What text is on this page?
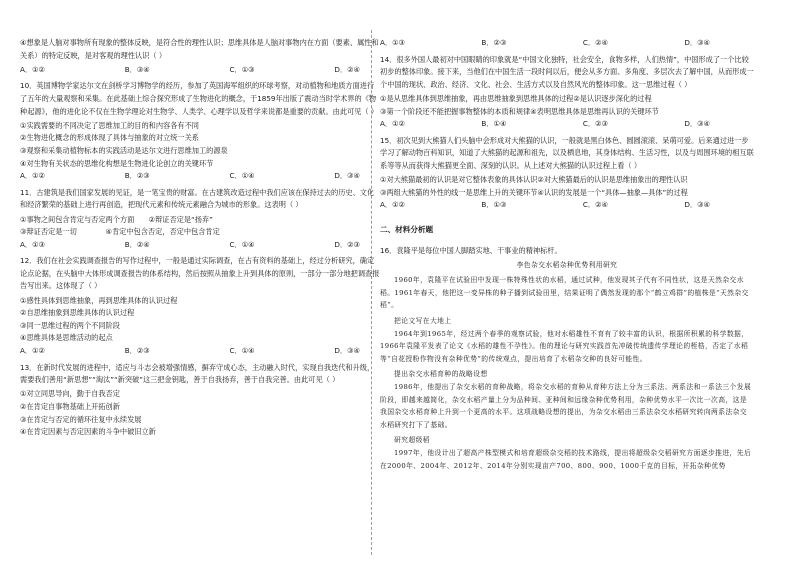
④想象是人脑对事物所有现象的整体反映，是符合性的理性认识；思维具体是人脑对事物内在方面（要素、属性和关系）的特定反映，是对客观的理性认识（ ）

A．①②	B．③④	C．①③	D．②④

10．英国博物学家达尔文在剑桥学习博物学的经历，参加了英国海军组织的环球考察，对动植物和地质方面进行了五年的大量观察和采集。在此基础上综合探究形成了生物进化的概念，于1859年出版了震动当时学术界的《物种起源》，他的进化论不仅在生物学理论对生物学、人类学、心理学以及哲学来说都是重要的贡献。由此可见（ ）

①实践需要的不同决定了思维加工的目的和内容各有不同

②生物进化概念的形成体现了具体与抽象的对立统一关系

③观察和采集动植物标本的实践活动是达尔文进行思维加工的源泉

④对生物有关状态的思维化构想是生物进化论创立的关键环节

A．①②	B．②③	C．①④	D．③④

11．古建筑是我们国家发展的见证，是一笔宝贵的财富。在古建筑改造过程中我们应该在保持过去的历史、文化和经济繁荣的基础上进行再创造，把现代元素和传统元素融合为城市的形象。这表明（ ）

①事物之间包含肯定与否定两个方面   ②辩证否定是“扬弃”

③辩证否定是一切    	④肯定中包含否定，否定中包含肯定

A．①③	B．②④	C．①④	D．②③

12．我们在社会实践调查报告的写作过程中，一般是通过实际调查，在占有资料的基础上，经过分析研究，确定论点论据，在头脑中大体形成调查报告的体系结构，然后按照从抽象上升到具体的原则，一部分一部分地把调查报告写出来。这体现了（ ）

①感性具体到思维抽象，再到思维具体的认识过程

②自思维抽象到思维具体的认识过程

③同一思维过程的两个不同阶段

④思维具体是思维活动的起点

A．①②	B．②③	C．①④	D．③④

13．在新时代发展的进程中，适应与斗志会被增强情感，摒弃守成心态，主动融入时代，实现自我迭代和升级，需要我们善用“新思想”“淘汰”“新突破”这三把金钥匙，善于自我扬弃，善于自我完善。由此可见（ ）

①对立同思导向，勤于自我否定

②在肯定自事物基础上开拓创新

③在肯定与否定的循环往复中永续发展

④在肯定因素与否定因素的斗争中破旧立新

A．①③	B．②③	C．②④	D．③④

14．很多外国人最初对中国眼睛的印象就是“中国文化独特，社会安全，食物多样，人们热情”，中国形成了一个比较初步的整体印象。接下来，当他们在中国生活一段时间以后，便会从多方面、多角度、多层次去了解中国，从而形成一个中国的现状、政治、经济、文化、社会、生活方式以及自然风光的整体印象。这一思维过程（ ）

①是从思维具体到思维抽象，再由思维抽象到思维具体的过程②是认识逐步深化的过程

③第一个阶段还不能把握事物整体的本质和规律④表明思维具体是思维再认识的关键环节

A．①②	B．①④	C．②③	D．③④

15．初次见到大熊猫人们头脑中会形成对大熊猫的认识，一般就是黑白体色、圆圆滚滚、呆萌可爱。后来通过进一步学习了解动物百科知识，知道了大熊猫的起源和祖先，以及栖息地，其身体结构、生活习性，以及与周围环境的相互联系等等从而获得大熊猫更全面、深刻的认识。从上述对大熊猫的认识过程上看（ ）

①对大熊猫最初的认识是对它整体表象的具体认识②对大熊猫最后的认识是思维抽象出的理性认识

③两组大熊猫的外性的线一是思维上升的关键环节④认识的发展是一个“具体—抽象—具体”的过程

A．①②	B．①③	C．②④	D．③④

二、材料分析题

16．袁隆平是每位中国人脚踏实地、干事业的精神标杆。

李色杂交水稻杂种优势利用研究

1960年，袁隆平在试验田中发现一株特殊性状的水稻，通过试种，他发现其子代有不同性状，这是天然杂交水稻。1961年春天，他把这一变异株的种子播到试验田里，结果证明了偶然发现的那个“鹤立鸡群”的植株是“天然杂交稻”。

把论文写在大地上

1964年到1965年，经过两个春季的观察试验，他对水稻雄性不育有了较丰富的认识，根据所积累的科学数据，1966年袁隆平发表了论文《水稻的雄性不孕性》。他的理论与研究实践首先冲破传统遗传学理论的桎梏，否定了水稻等“自花授粉作物没有杂种优势”的传统观点，提出培育了水稻杂交种的良好可能性。

提出杂交水稻育种的战略设想

1986年，他提出了杂交水稻的育种战略，将杂交水稻的育种从育种方法上分为三系法、两系法和一系法三个发展阶段，即越来越简化，杂交水稻产量上分为品种间、亚种间和远缘杂种优势利用，杂种优势水平一次比一次高，这是我国杂交水稻育种上升到一个更高的水平。这项战略设想的提出，为杂交水稻由三系法杂交水稻研究转向两系法杂交水稻研究打下了基础。

研究超级稻

1997年，他设计出了超高产株型模式和培育超级杂交稻的技术路线，提出将超级杂交稻研究方面逐步推进，先后在2000年、2004年、2012年、2014年分别实现亩产700、800、900、1000千克的目标，开拓杂种优势
